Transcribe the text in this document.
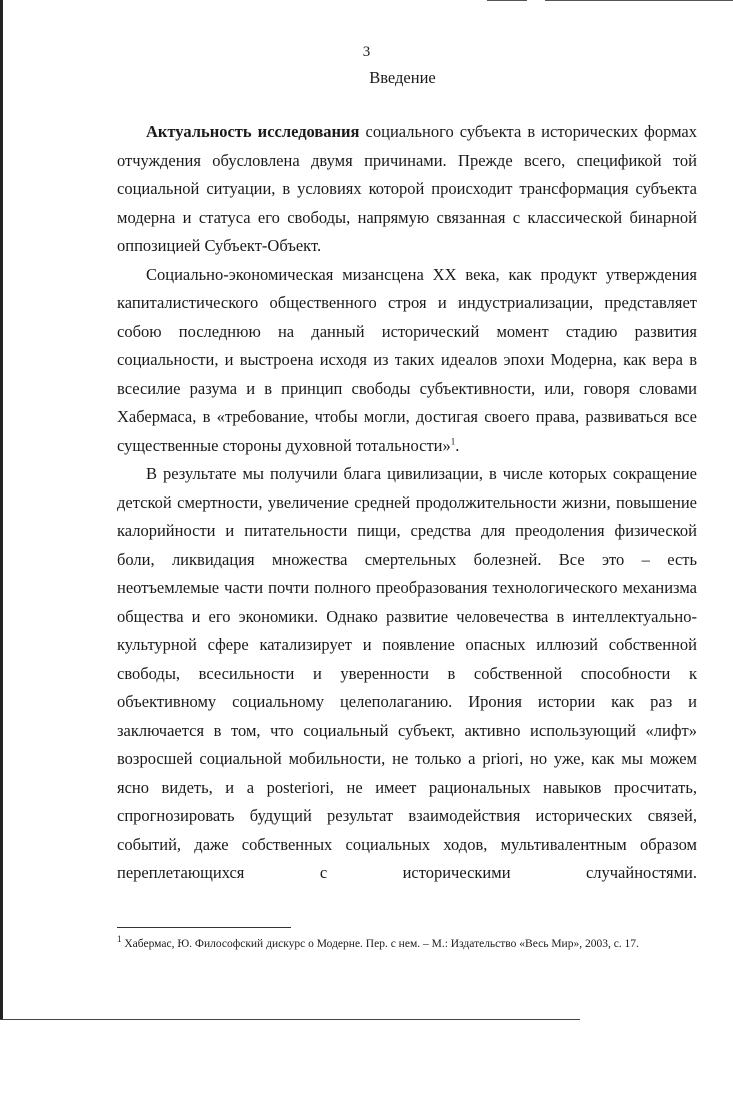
3
Введение

Актуальность исследования социального субъекта в исторических формах отчуждения обусловлена двумя причинами. Прежде всего, спецификой той социальной ситуации, в условиях которой происходит трансформация субъекта модерна и статуса его свободы, напрямую связанная с классической бинарной оппозицией Субъект-Объект.

Социально-экономическая мизансцена XX века, как продукт утверждения капиталистического общественного строя и индустриализации, представляет собою последнюю на данный исторический момент стадию развития социальности, и выстроена исходя из таких идеалов эпохи Модерна, как вера в всесилие разума и в принцип свободы субъективности, или, говоря словами Хабермаса, в «требование, чтобы могли, достигая своего права, развиваться все существенные стороны духовной тотальности»$^1$.

В результате мы получили блага цивилизации, в числе которых сокращение детской смертности, увеличение средней продолжительности жизни, повышение калорийности и питательности пищи, средства для преодоления физической боли, ликвидация множества смертельных болезней. Все это – есть неотъемлемые части почти полного преобразования технологического механизма общества и его экономики. Однако развитие человечества в интеллектуально-культурной сфере катализирует и появление опасных иллюзий собственной свободы, всесильности и уверенности в собственной способности к объективному социальному целеполаганию. Ирония истории как раз и заключается в том, что социальный субъект, активно использующий «лифт» возросшей социальной мобильности, не только a priori, но уже, как мы можем ясно видеть, и a posteriori, не имеет рациональных навыков просчитать, спрогнозировать будущий результат взаимодействия исторических связей, событий, даже собственных социальных ходов, мультивалентным образом переплетающихся с историческими случайностями.

$^1$ Хабермас, Ю. Философский дискурс о Модерне. Пер. с нем. – М.: Издательство «Весь Мир», 2003, с. 17.
